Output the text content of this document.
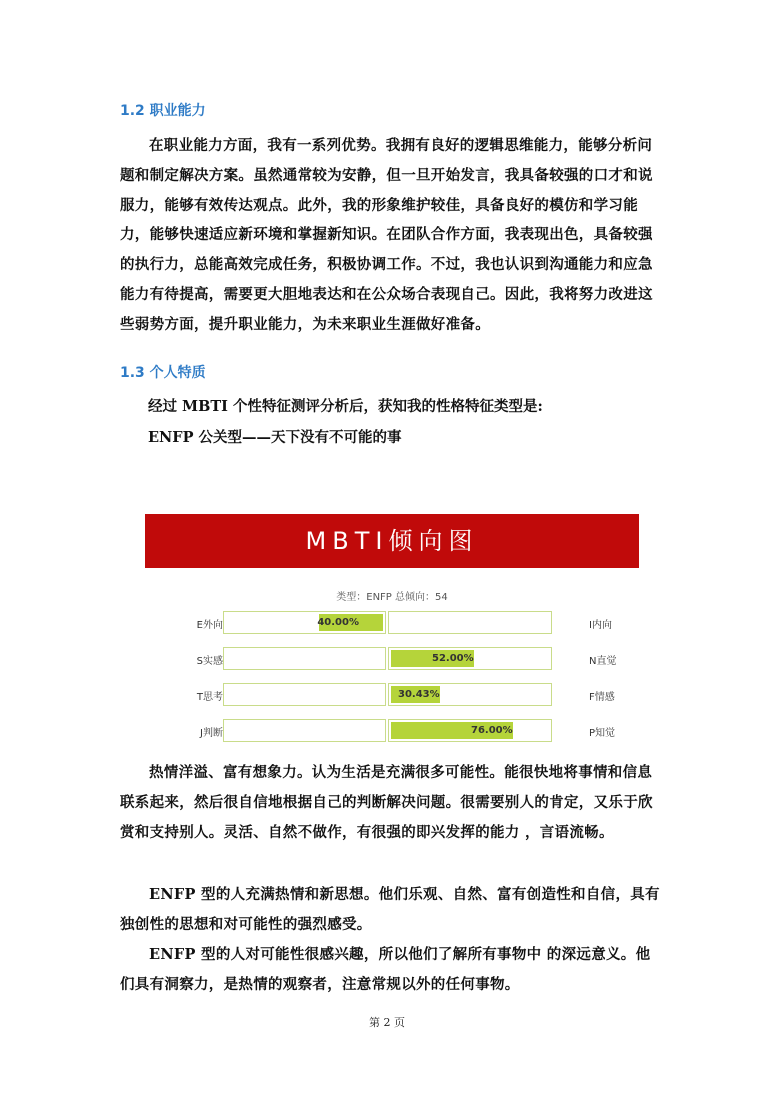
1.2 职业能力

在职业能力方面，我有一系列优势。我拥有良好的逻辑思维能力，能够分析问题和制定解决方案。虽然通常较为安静，但一旦开始发言，我具备较强的口才和说服力，能够有效传达观点。此外，我的形象维护较佳，具备良好的模仿和学习能力，能够快速适应新环境和掌握新知识。在团队合作方面，我表现出色，具备较强的执行力，总能高效完成任务，积极协调工作。不过，我也认识到沟通能力和应急能力有待提高，需要更大胆地表达和在公众场合表现自己。因此，我将努力改进这些弱势方面，提升职业能力，为未来职业生涯做好准备。

1.3 个人特质

经过 MBTI 个性特征测评分析后，获知我的性格特征类型是:

ENFP 公关型——天下没有不可能的事

MBTI倾向图
类型：ENFP 总倾向：54
E外向	I内向
40.00%
S实感	N直觉
52.00%
T思考	F情感
30.43%
J判断	P知觉
76.00%

热情洋溢、富有想象力。认为生活是充满很多可能性。能很快地将事情和信息联系起来，然后很自信地根据自己的判断解决问题。很需要别人的肯定，又乐于欣赏和支持别人。灵活、自然不做作，有很强的即兴发挥的能力 ，言语流畅。

ENFP 型的人充满热情和新思想。他们乐观、自然、富有创造性和自信，具有独创性的思想和对可能性的强烈感受。

ENFP 型的人对可能性很感兴趣，所以他们了解所有事物中 的深远意义。他们具有洞察力，是热情的观察者，注意常规以外的任何事物。

第 2 页
